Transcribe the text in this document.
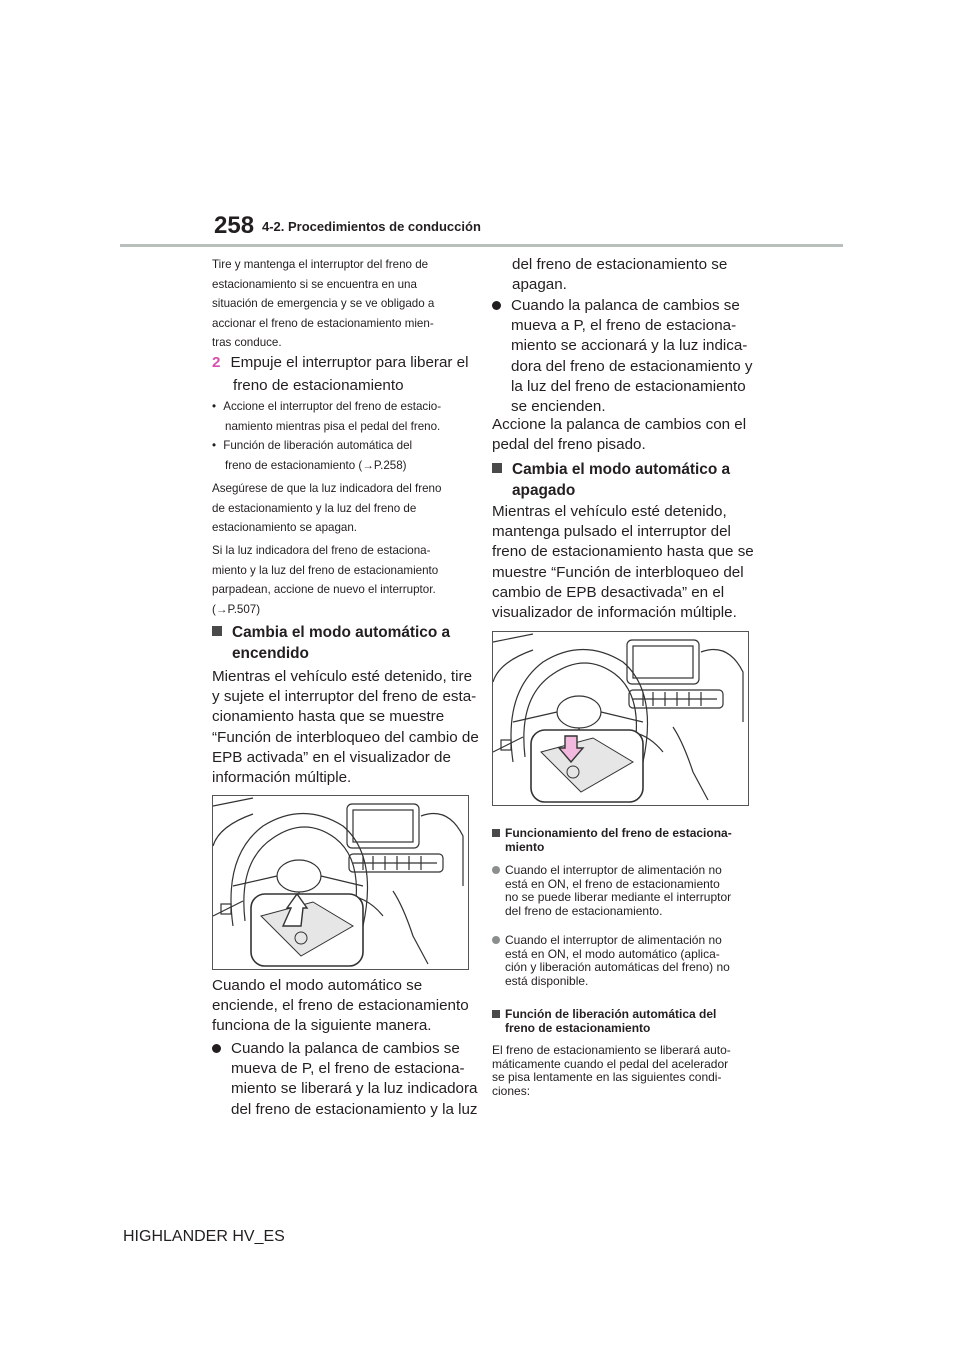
258 4-2. Procedimientos de conducción
Tire y mantenga el interruptor del freno de
estacionamiento si se encuentra en una
situación de emergencia y se ve obligado a
accionar el freno de estacionamiento mien-
tras conduce.
2 Empuje el interruptor para liberar el
freno de estacionamiento
• Accione el interruptor del freno de estacio-
namiento mientras pisa el pedal del freno.
• Función de liberación automática del
freno de estacionamiento (→P.258)
Asegúrese de que la luz indicadora del freno
de estacionamiento y la luz del freno de
estacionamiento se apagan.
Si la luz indicadora del freno de estaciona-
miento y la luz del freno de estacionamiento
parpadean, accione de nuevo el interruptor.
(→P.507)
Cambia el modo automático a
encendido
Mientras el vehículo esté detenido, tire
y sujete el interruptor del freno de esta-
cionamiento hasta que se muestre
“Función de interbloqueo del cambio de
EPB activada” en el visualizador de
información múltiple.
Cuando el modo automático se
enciende, el freno de estacionamiento
funciona de la siguiente manera.
Cuando la palanca de cambios se
mueva de P, el freno de estaciona-
miento se liberará y la luz indicadora
del freno de estacionamiento y la luz
del freno de estacionamiento se
apagan.
Cuando la palanca de cambios se
mueva a P, el freno de estaciona-
miento se accionará y la luz indica-
dora del freno de estacionamiento y
la luz del freno de estacionamiento
se encienden.
Accione la palanca de cambios con el
pedal del freno pisado.
Cambia el modo automático a
apagado
Mientras el vehículo esté detenido,
mantenga pulsado el interruptor del
freno de estacionamiento hasta que se
muestre “Función de interbloqueo del
cambio de EPB desactivada” en el
visualizador de información múltiple.
Funcionamiento del freno de estaciona-
miento
Cuando el interruptor de alimentación no
está en ON, el freno de estacionamiento
no se puede liberar mediante el interruptor
del freno de estacionamiento.
Cuando el interruptor de alimentación no
está en ON, el modo automático (aplica-
ción y liberación automáticas del freno) no
está disponible.
Función de liberación automática del
freno de estacionamiento
El freno de estacionamiento se liberará auto-
máticamente cuando el pedal del acelerador
se pisa lentamente en las siguientes condi-
ciones:
HIGHLANDER HV_ES
